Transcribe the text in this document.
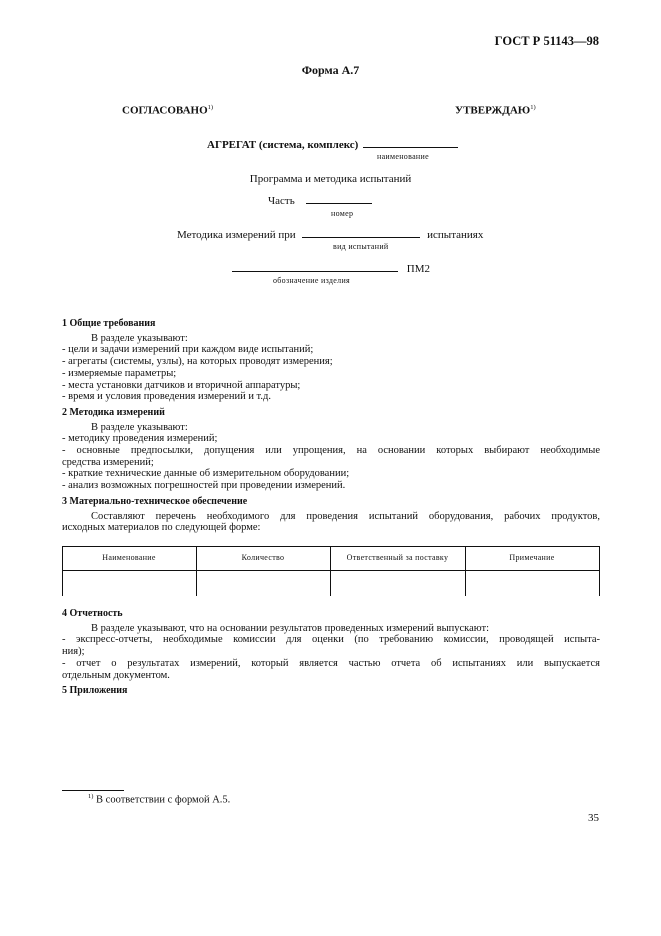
ГОСТ Р 51143—98
Форма А.7
СОГЛАСОВАНО$^{1)}$	УТВЕРЖДАЮ$^{1)}$
АГРЕГАТ (система, комплекс)
наименование
Программа и методика испытаний
Часть
номер
Методика измерений при	испытаниях
вид испытаний
ПМ2
обозначение изделия

1 Общие требования

В разделе указывают:

- цели и задачи измерений при каждом виде испытаний;

- агрегаты (системы, узлы), на которых проводят измерения;

- измеряемые параметры;

- места установки датчиков и вторичной аппаратуры;

- время и условия проведения измерений и т.д.

2 Методика измерений

В разделе указывают:

- методику проведения измерений;

- основные предпосылки, допущения или упрощения, на основании которых выбирают необходимые

средства измерений;

- краткие технические данные об измерительном оборудовании;

- анализ возможных погрешностей при проведении измерений.

3 Материально-техническое обеспечение

Составляют перечень необходимого для проведения испытаний оборудования, рабочих продуктов,

исходных материалов по следующей форме:

Наименование	Количество	Ответственный за поставку	Примечание

4 Отчетность

В разделе указывают, что на основании результатов проведенных измерений выпускают:

- экспресс-отчеты, необходимые комиссии для оценки (по требованию комиссии, проводящей испыта-

ния);

- отчет о результатах измерений, который является частью отчета об испытаниях или выпускается

отдельным документом.

5 Приложения

$^{1)}$ В соответствии с формой А.5.
35
